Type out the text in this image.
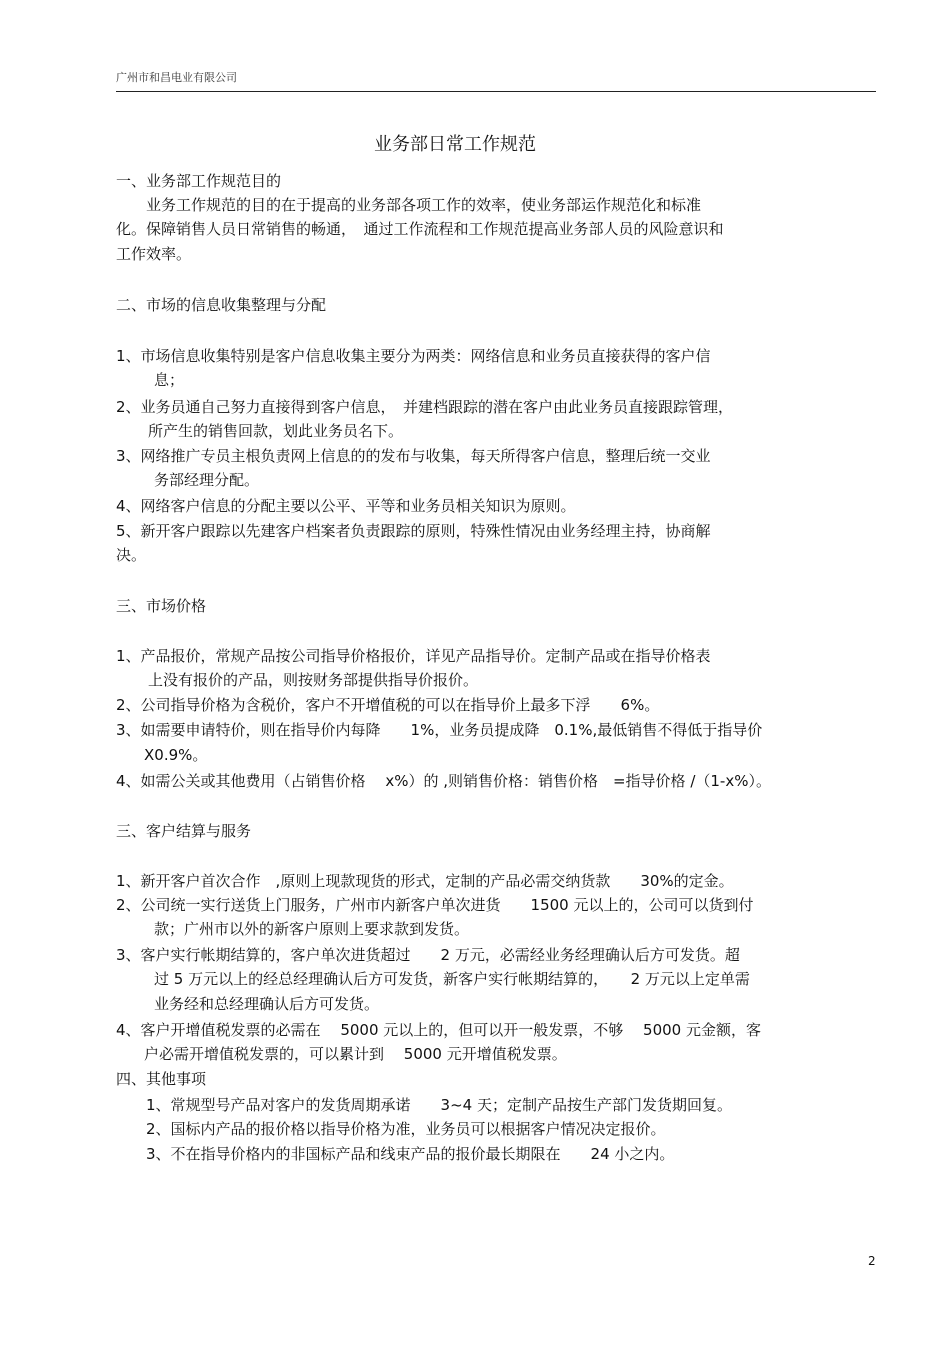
广州市和昌电业有限公司
业务部日常工作规范
一、业务部工作规范目的
业务工作规范的目的在于提高的业务部各项工作的效率，使业务部运作规范化和标准
化。保障销售人员日常销售的畅通，　通过工作流程和工作规范提高业务部人员的风险意识和
工作效率。
二、市场的信息收集整理与分配
1、市场信息收集特别是客户信息收集主要分为两类：网络信息和业务员直接获得的客户信
息；
2、业务员通自己努力直接得到客户信息，　并建档跟踪的潜在客户由此业务员直接跟踪管理，
所产生的销售回款，划此业务员名下。
3、网络推广专员主根负责网上信息的的发布与收集，每天所得客户信息，整理后统一交业
务部经理分配。
4、网络客户信息的分配主要以公平、平等和业务员相关知识为原则。
5、新开客户跟踪以先建客户档案者负责跟踪的原则，特殊性情况由业务经理主持，协商解
决。
三、市场价格
1、产品报价，常规产品按公司指导价格报价，详见产品指导价。定制产品或在指导价格表
上没有报价的产品，则按财务部提供指导价报价。
2、公司指导价格为含税价，客户不开增值税的可以在指导价上最多下浮　　6%。
3、如需要申请特价，则在指导价内每降　　1%，业务员提成降　0.1%,最低销售不得低于指导价
X0.9%。
4、如需公关或其他费用（占销售价格　 x%）的 ,则销售价格：销售价格　=指导价格 /（1-x%）。
三、客户结算与服务
1、新开客户首次合作　,原则上现款现货的形式，定制的产品必需交纳货款　　30%的定金。
2、公司统一实行送货上门服务，广州市内新客户单次进货　　1500 元以上的，公司可以货到付
款；广州市以外的新客户原则上要求款到发货。
3、客户实行帐期结算的，客户单次进货超过　　2 万元，必需经业务经理确认后方可发货。超
过 5 万元以上的经总经理确认后方可发货，新客户实行帐期结算的，　　2 万元以上定单需
业务经和总经理确认后方可发货。
4、客户开增值税发票的必需在　 5000 元以上的，但可以开一般发票，不够　 5000 元金额，客
户必需开增值税发票的，可以累计到　 5000 元开增值税发票。
四、其他事项
1、常规型号产品对客户的发货周期承诺　　3~4 天；定制产品按生产部门发货期回复。
2、国标内产品的报价格以指导价格为准，业务员可以根据客户情况决定报价。
3、不在指导价格内的非国标产品和线束产品的报价最长期限在　　24 小之内。
2
